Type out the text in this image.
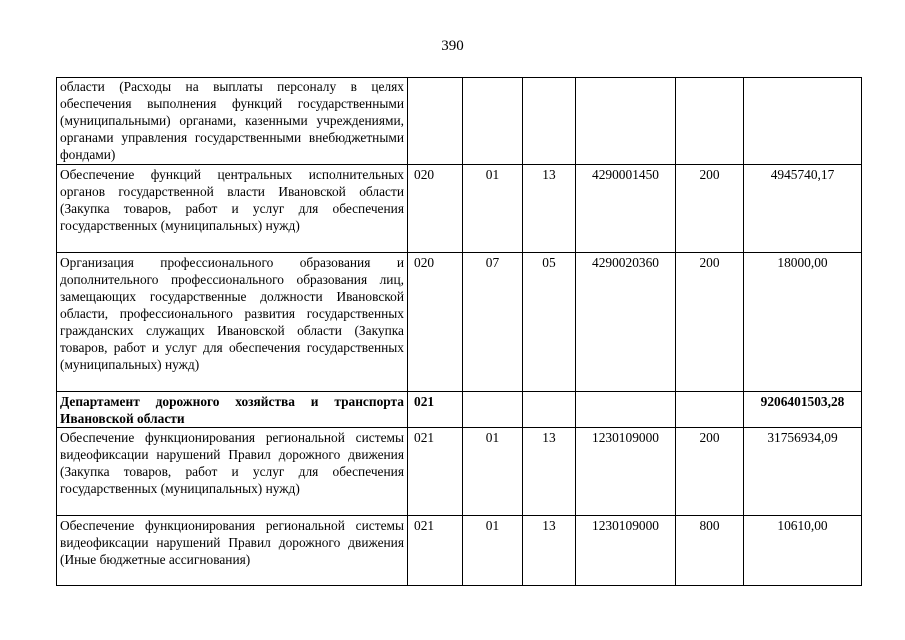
390
области (Расходы на выплаты персоналу в целях обеспечения выполнения функций государственными (муниципальными) органами, казенными учреждениями, органами управления государственными внебюджетными фондами)						
Обеспечение функций центральных исполнительных органов государственной власти Ивановской области (Закупка товаров, работ и услуг для обеспечения государственных (муниципальных) нужд)	020	01	13	4290001450	200	4945740,17
Организация профессионального образования и дополнительного профессионального образования лиц, замещающих государственные должности Ивановской области, профессионального развития государственных гражданских служащих Ивановской области (Закупка товаров, работ и услуг для обеспечения государственных (муниципальных) нужд)	020	07	05	4290020360	200	18000,00
Департамент дорожного хозяйства и транспорта Ивановской области	021					9206401503,28
Обеспечение функционирования региональной системы видеофиксации нарушений Правил дорожного движения (Закупка товаров, работ и услуг для обеспечения государственных (муниципальных) нужд)	021	01	13	1230109000	200	31756934,09
Обеспечение функционирования региональной системы видеофиксации нарушений Правил дорожного движения (Иные бюджетные ассигнования)	021	01	13	1230109000	800	10610,00
